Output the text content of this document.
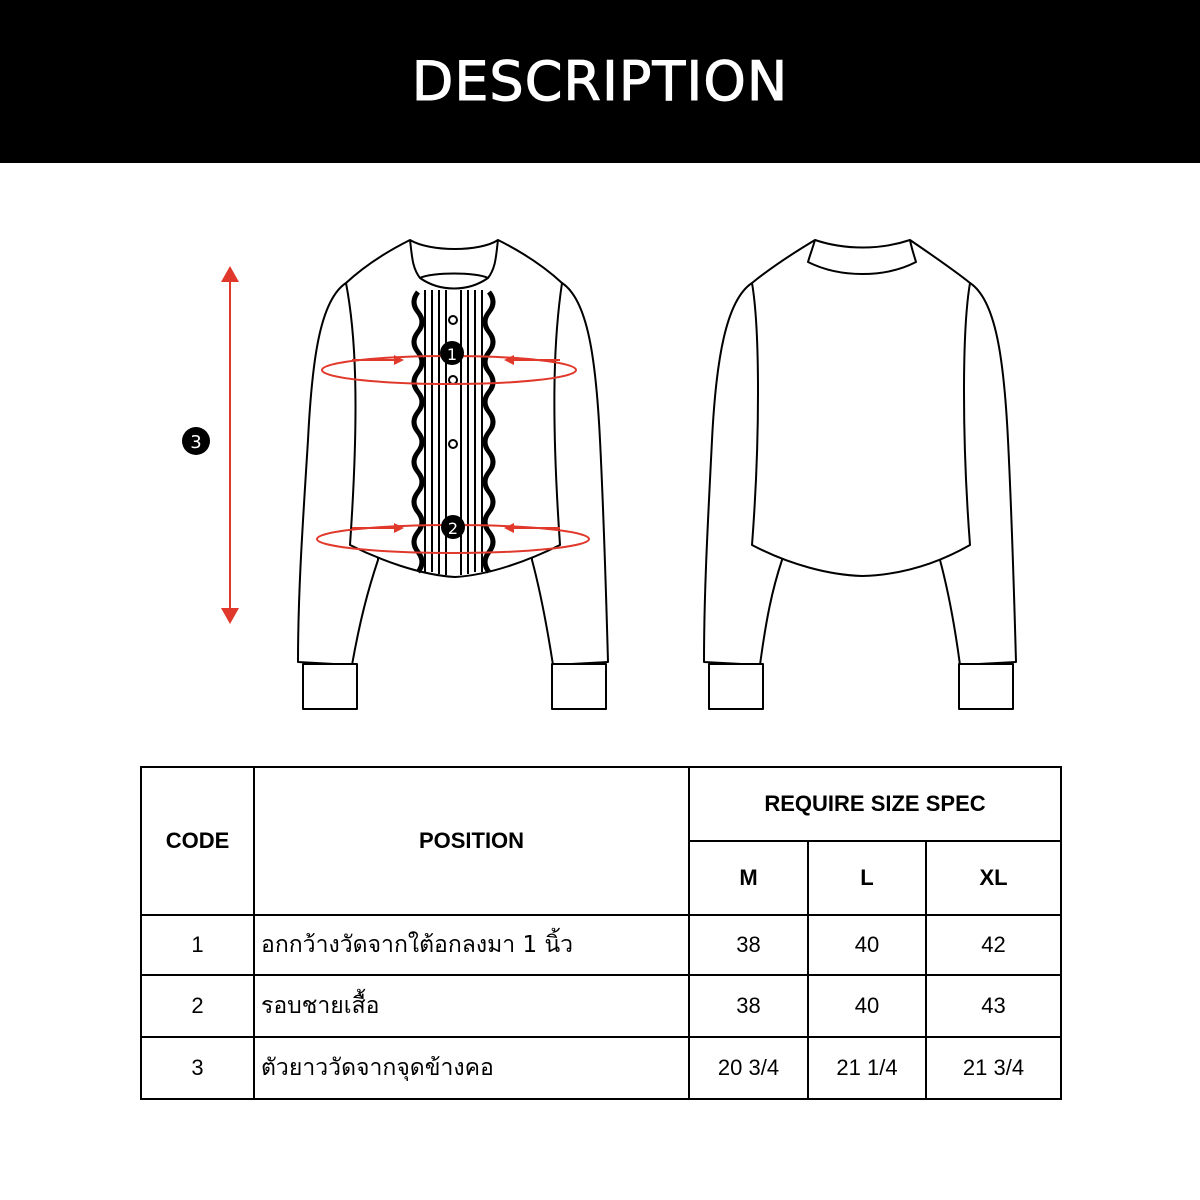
DESCRIPTION
1
2
3
CODE	POSITION	REQUIRE SIZE SPEC		
		M	L	XL
1	อกกว้างวัดจากใต้อกลงมา 1 นิ้ว	38	40	42
2	รอบชายเสื้อ	38	40	43
3	ตัวยาววัดจากจุดข้างคอ	20 3/4	21 1/4	21 3/4
